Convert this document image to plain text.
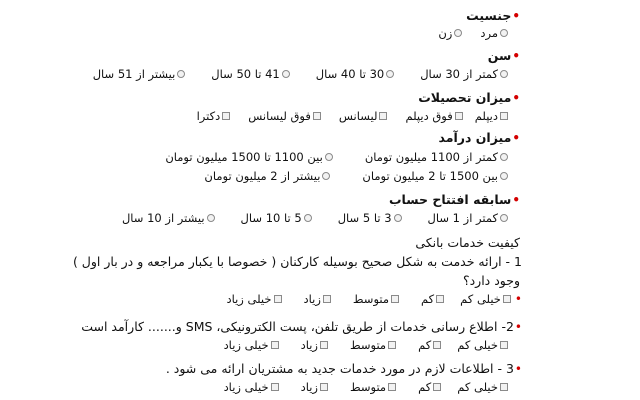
•جنسیت
مرد
زن
•سن
کمتر از 30 سال
30 تا 40 سال
41 تا 50 سال
بیشتر از 51 سال
•میزان تحصیلات
دیپلم
فوق دیپلم
لیسانس
فوق لیسانس
دکترا
•میزان درآمد
کمتر از 1100 میلیون تومان
بین 1100 تا 1500 میلیون تومان
بین 1500 تا 2 میلیون تومان
بیشتر از 2 میلیون تومان
•سابقه افتتاح حساب
کمتر از 1 سال
3 تا 5 سال
5 تا 10 سال
بیشتر از 10 سال
کیفیت خدمات بانکی
1 - ارائه خدمت به شکل صحیح بوسیله کارکنان ( خصوصا با یکبار مراجعه و در بار اول )
وجود دارد؟
•
خیلی کم
کم
متوسط
زیاد
خیلی زیاد
•2- اطلاع رسانی خدمات از طریق تلفن، پست الکترونیکی، SMS و....... کارآمد است
خیلی کم
کم
متوسط
زیاد
خیلی زیاد
•3 - اطلاعات لازم در مورد خدمات جدید به مشتریان ارائه می شود .
خیلی کم
کم
متوسط
زیاد
خیلی زیاد
